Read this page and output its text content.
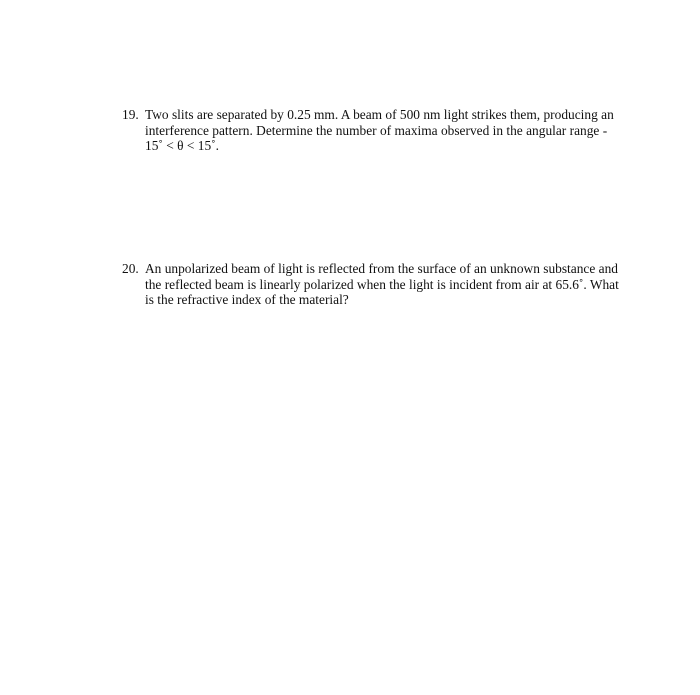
19. Two slits are separated by 0.25 mm. A beam of 500 nm light strikes them, producing an
interference pattern. Determine the number of maxima observed in the angular range -
15˚ < θ < 15˚.
20. An unpolarized beam of light is reflected from the surface of an unknown substance and
the reflected beam is linearly polarized when the light is incident from air at 65.6˚. What
is the refractive index of the material?
